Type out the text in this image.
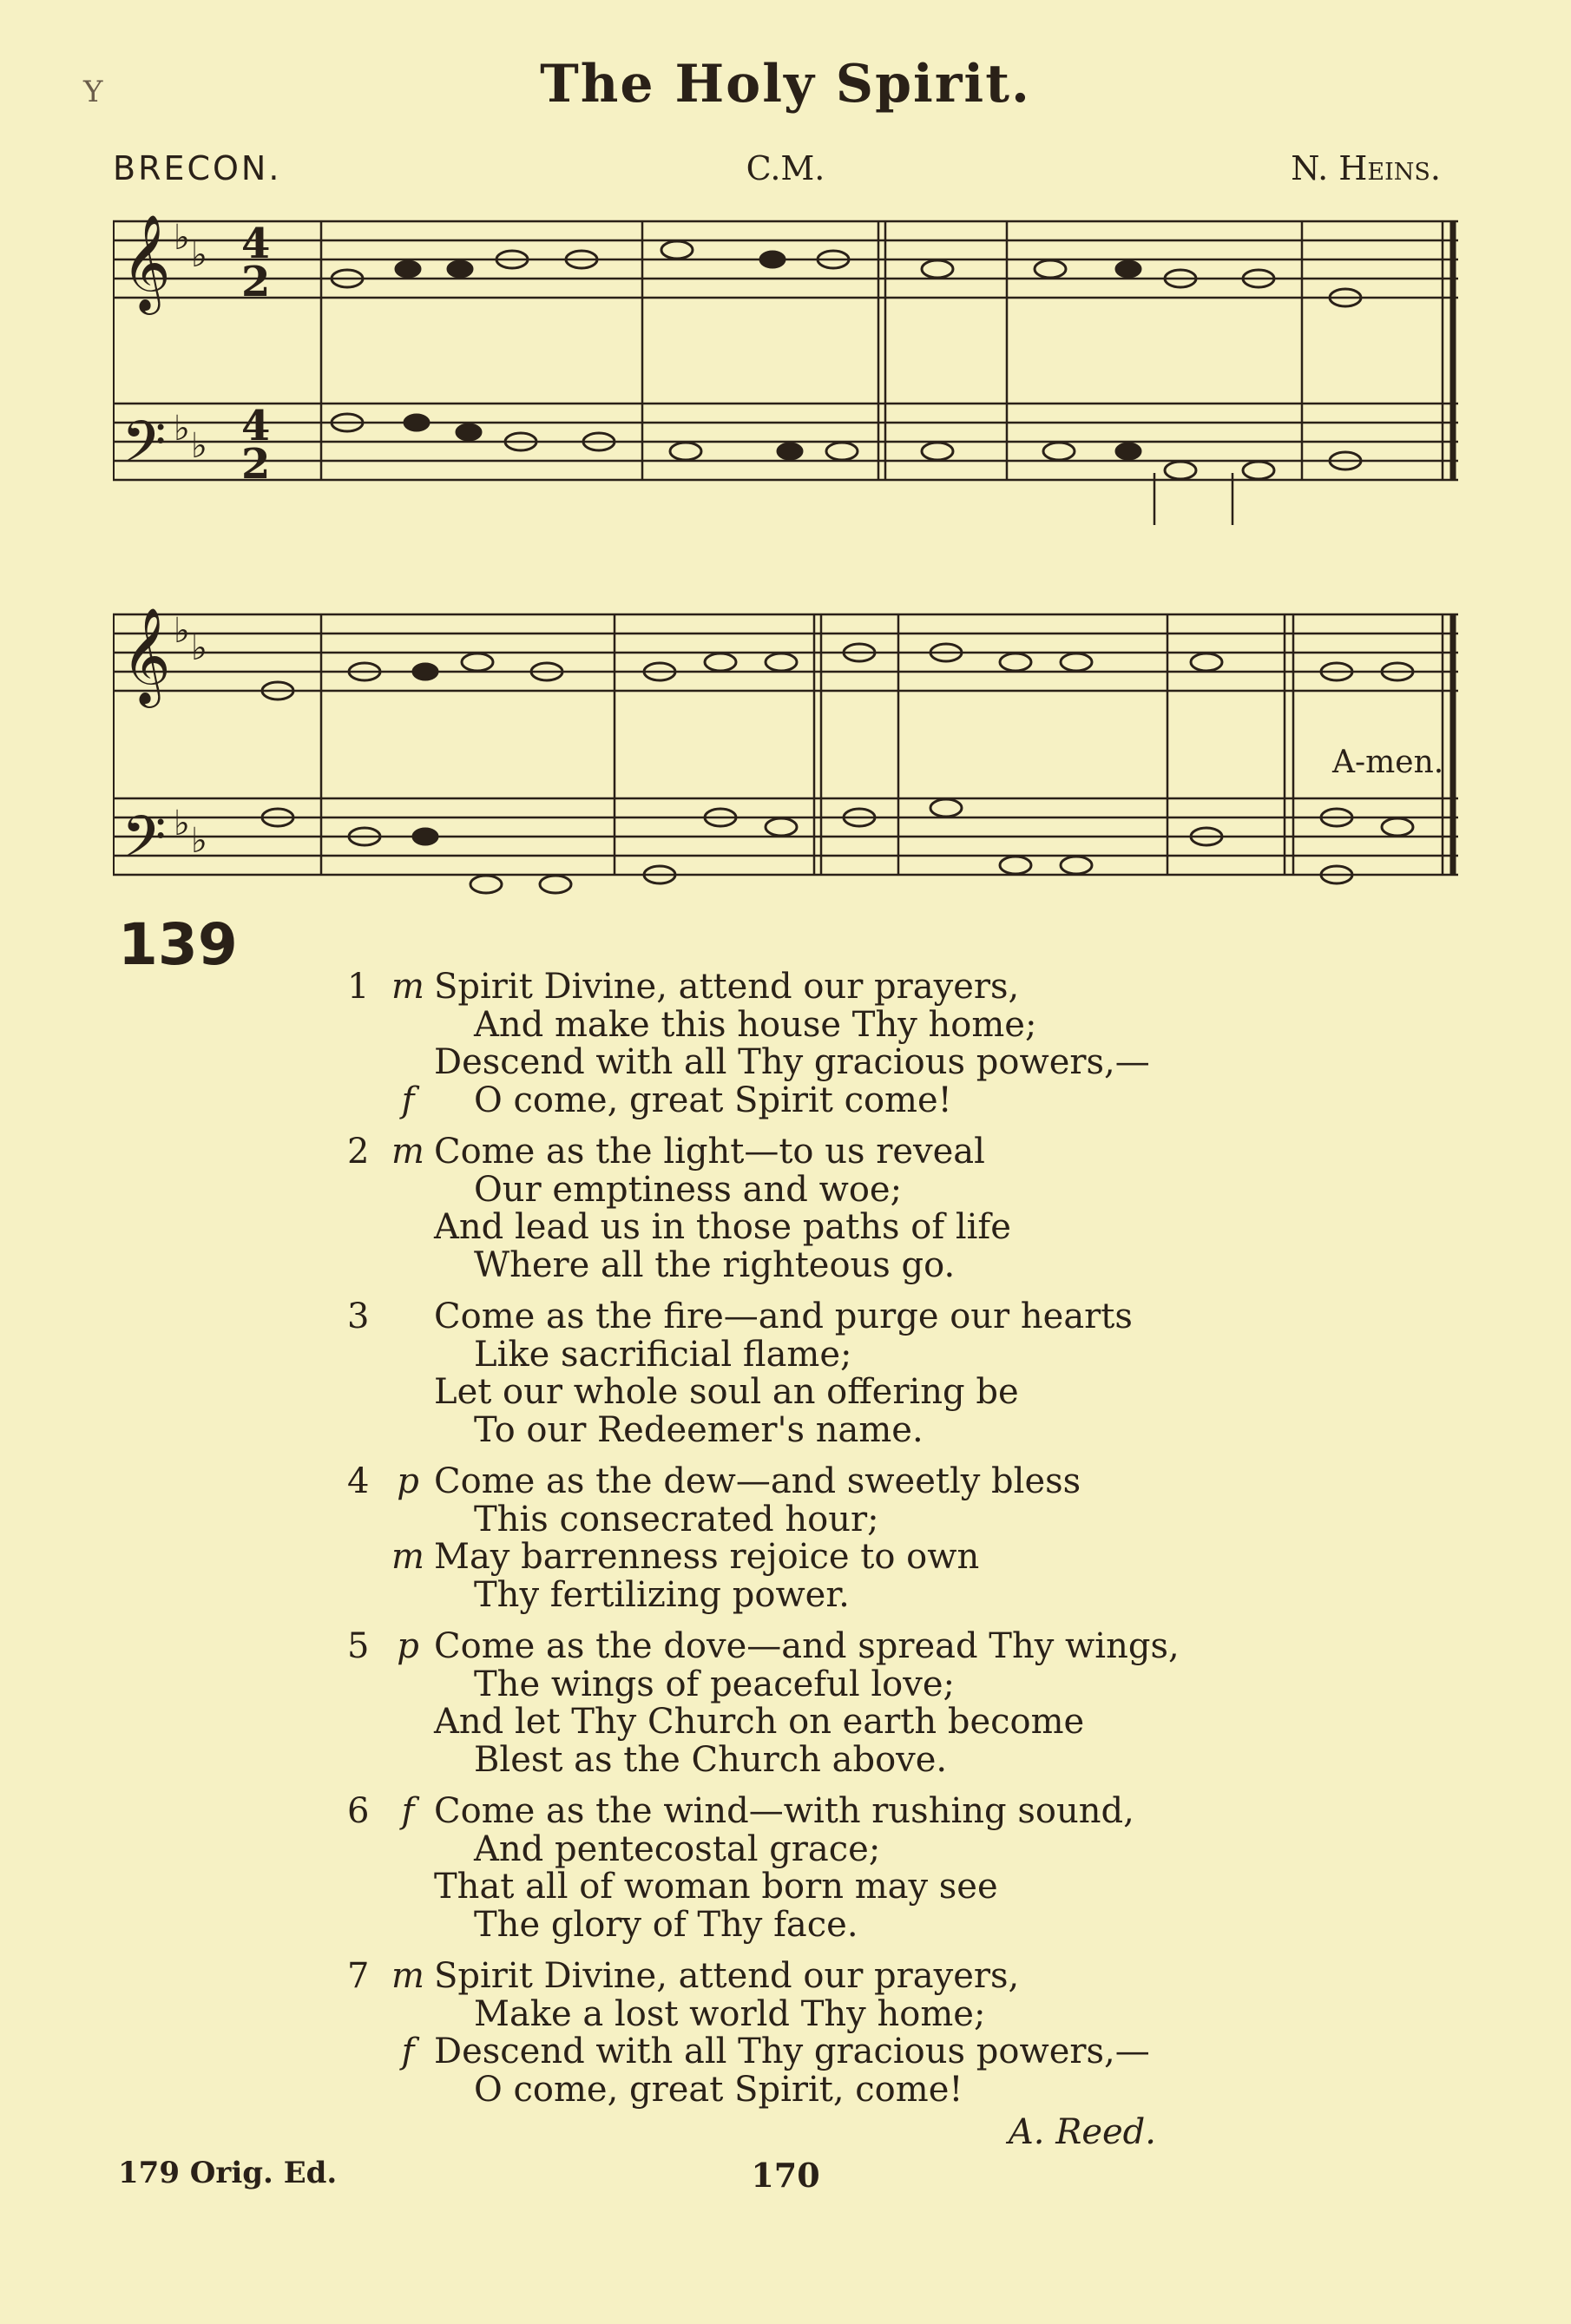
Y	The Holy Spirit.
BRECON.	C.M.	N. Heins.
𝄞
𝄢
♭ ♭
♭ ♭
4
2
4
2
𝄞
𝄢
♭ ♭
♭ ♭
A-men.
139
1 m Spirit Divine, attend our prayers,
And make this house Thy home;
Descend with all Thy gracious powers,—
f	O come, great Spirit come!
2 m Come as the light—to us reveal
Our emptiness and woe;
And lead us in those paths of life
Where all the righteous go.
3	Come as the fire—and purge our hearts
Like sacrificial flame;
Let our whole soul an offering be
To our Redeemer's name.
4 p Come as the dew—and sweetly bless
This consecrated hour;
m May barrenness rejoice to own
Thy fertilizing power.
5 p Come as the dove—and spread Thy wings,
The wings of peaceful love;
And let Thy Church on earth become
Blest as the Church above.
6 f Come as the wind—with rushing sound,
And pentecostal grace;
That all of woman born may see
The glory of Thy face.
7 m Spirit Divine, attend our prayers,
Make a lost world Thy home;
f Descend with all Thy gracious powers,—
O come, great Spirit, come!
A. Reed.
179 Orig. Ed.	170
